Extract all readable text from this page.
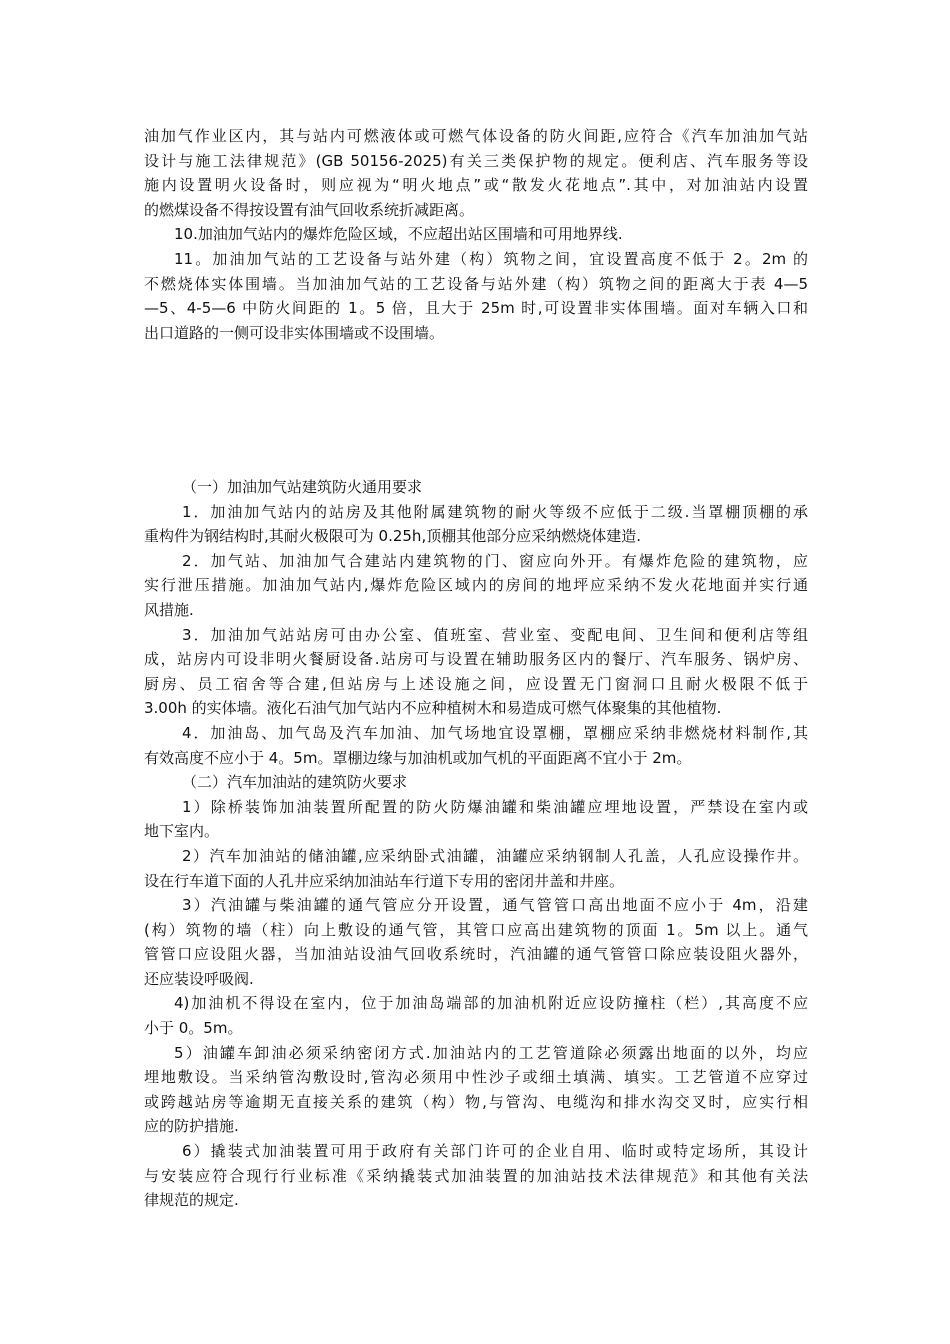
油加气作业区内，其与站内可燃液体或可燃气体设备的防火间距,应符合《汽车加油加气站
设计与施工法律规范》(GB 50156-2025)有关三类保护物的规定。便利店、汽车服务等设
施内设置明火设备时，则应视为“明火地点”或“散发火花地点”.其中，对加油站内设置
的燃煤设备不得按设置有油气回收系统折减距离。
10.加油加气站内的爆炸危险区域，不应超出站区围墙和可用地界线.
11。加油加气站的工艺设备与站外建（构）筑物之间，宜设置高度不低于 2。2m 的
不燃烧体实体围墙。当加油加气站的工艺设备与站外建（构）筑物之间的距离大于表 4—5
—5、4-5—6 中防火间距的 1。5 倍，且大于 25m 时,可设置非实体围墙。面对车辆入口和
出口道路的一侧可设非实体围墙或不设围墙。
（一）加油加气站建筑防火通用要求
1．加油加气站内的站房及其他附属建筑物的耐火等级不应低于二级.当罩棚顶棚的承
重构件为钢结构时,其耐火极限可为 0.25h,顶棚其他部分应采纳燃烧体建造.
2．加气站、加油加气合建站内建筑物的门、窗应向外开。有爆炸危险的建筑物，应
实行泄压措施。加油加气站内,爆炸危险区域内的房间的地坪应采纳不发火花地面并实行通
风措施.
3．加油加气站站房可由办公室、值班室、营业室、变配电间、卫生间和便利店等组
成，站房内可设非明火餐厨设备.站房可与设置在辅助服务区内的餐厅、汽车服务、锅炉房、
厨房、员工宿舍等合建,但站房与上述设施之间，应设置无门窗洞口且耐火极限不低于
3.00h 的实体墙。液化石油气加气站内不应种植树木和易造成可燃气体聚集的其他植物.
4．加油岛、加气岛及汽车加油、加气场地宜设罩棚，罩棚应采纳非燃烧材料制作,其
有效高度不应小于 4。5m。罩棚边缘与加油机或加气机的平面距离不宜小于 2m。
（二）汽车加油站的建筑防火要求
1）除桥装饰加油装置所配置的防火防爆油罐和柴油罐应埋地设置，严禁设在室内或
地下室内。
2）汽车加油站的储油罐,应采纳卧式油罐，油罐应采纳钢制人孔盖，人孔应设操作井。
设在行车道下面的人孔井应采纳加油站车行道下专用的密闭井盖和井座。
3）汽油罐与柴油罐的通气管应分开设置，通气管管口高出地面不应小于 4m，沿建
(构）筑物的墙（柱）向上敷设的通气管，其管口应高出建筑物的顶面 1。5m 以上。通气
管管口应设阻火器，当加油站设油气回收系统时，汽油罐的通气管管口除应装设阻火器外，
还应装设呼吸阀.
4)加油机不得设在室内，位于加油岛端部的加油机附近应设防撞柱（栏）,其高度不应
小于 0。5m。
5）油罐车卸油必须采纳密闭方式.加油站内的工艺管道除必须露出地面的以外，均应
埋地敷设。当采纳管沟敷设时,管沟必须用中性沙子或细土填满、填实。工艺管道不应穿过
或跨越站房等逾期无直接关系的建筑（构）物,与管沟、电缆沟和排水沟交叉时，应实行相
应的防护措施.
6）撬装式加油装置可用于政府有关部门许可的企业自用、临时或特定场所，其设计
与安装应符合现行行业标准《采纳撬装式加油装置的加油站技术法律规范》和其他有关法
律规范的规定.
